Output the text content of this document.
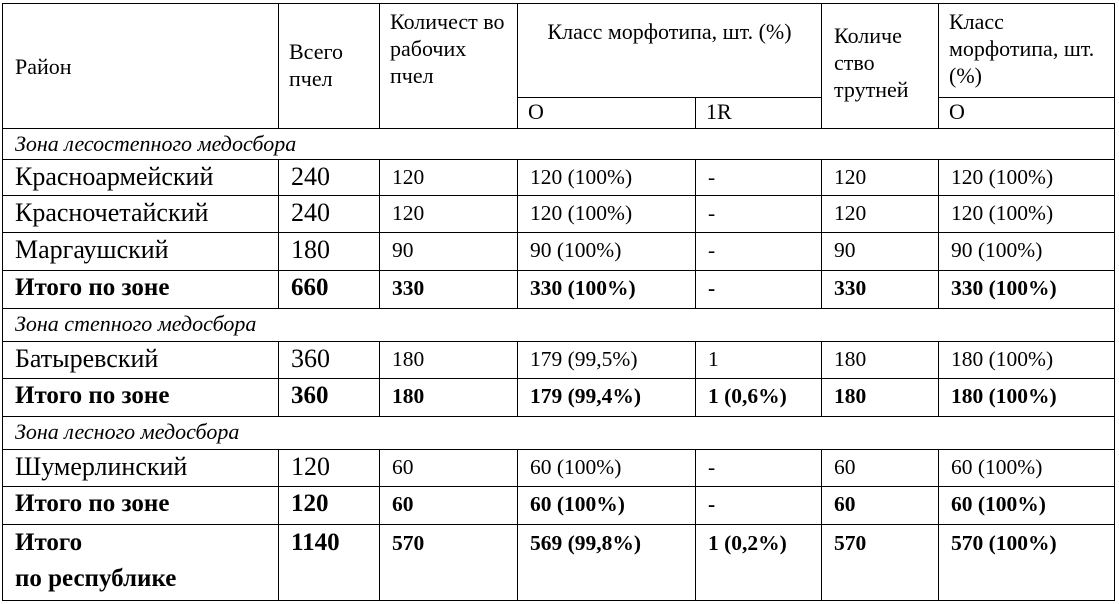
Район	Всего пчел	Количест во рабочих пчел	Класс морфотипа, шт. (%)		Количе ство трутней	Класс морфотипа, шт. (%)
			О	1R		О
Зона лесостепного медосбора						
Красноармейский	240	120	120 (100%)	-	120	120 (100%)
Красночетайский	240	120	120 (100%)	-	120	120 (100%)
Маргаушский	180	90	90 (100%)	-	90	90 (100%)
Итого по зоне	660	330	330 (100%)	-	330	330 (100%)
Зона степного медосбора						
Батыревский	360	180	179 (99,5%)	1	180	180 (100%)
Итого по зоне	360	180	179 (99,4%)	1 (0,6%)	180	180 (100%)
Зона лесного медосбора						
Шумерлинский	120	60	60 (100%)	-	60	60 (100%)
Итого по зоне	120	60	60 (100%)	-	60	60 (100%)

Итого
по республике	1140	570	569 (99,8%)	1 (0,2%)	570	570 (100%)
